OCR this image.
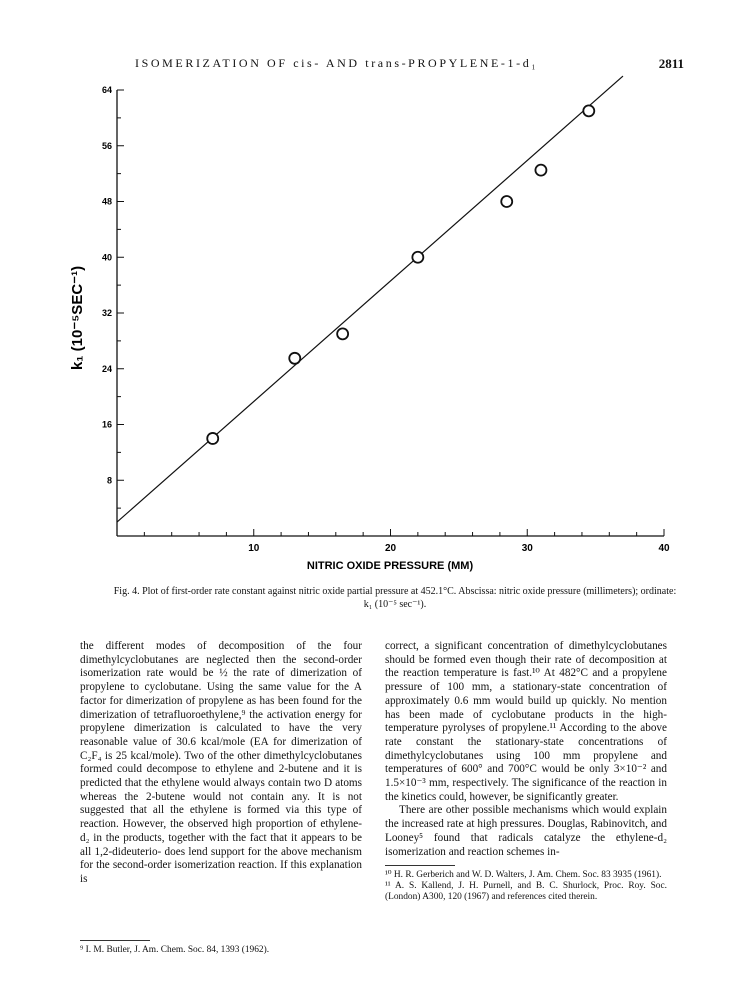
ISOMERIZATION OF cis- AND trans-PROPYLENE-1-d₁	2811
10	20	30	40
8
16
24
32
40
48
56
64
NITRIC OXIDE PRESSURE (MM)
k₁ (10⁻⁵SEC⁻¹)
Fig. 4. Plot of first-order rate constant against nitric oxide partial pressure at 452.1°C. Abscissa: nitric oxide pressure (millimeters); ordinate: k₁ (10⁻⁵ sec⁻¹).

the different modes of decomposition of the four dimethylcyclobutanes are neglected then the second-order isomerization rate would be ½ the rate of dimerization of propylene to cyclobutane. Using the same value for the A factor for dimerization of propylene as has been found for the dimerization of tetrafluoroethylene,⁹ the activation energy for propylene dimerization is calculated to have the very reasonable value of 30.6 kcal/mole (EA for dimerization of C₂F₄ is 25 kcal/mole). Two of the other dimethylcyclobutanes formed could decompose to ethylene and 2-butene and it is predicted that the ethylene would always contain two D atoms whereas the 2-butene would not contain any. It is not suggested that all the ethylene is formed via this type of reaction. However, the observed high proportion of ethylene-d₂ in the products, together with the fact that it appears to be all 1,2-dideuterio- does lend support for the above mechanism for the second-order isomerization reaction. If this explanation is

⁹ I. M. Butler, J. Am. Chem. Soc. 84, 1393 (1962).

correct, a significant concentration of dimethylcyclobutanes should be formed even though their rate of decomposition at the reaction temperature is fast.¹⁰ At 482°C and a propylene pressure of 100 mm, a stationary-state concentration of approximately 0.6 mm would build up quickly. No mention has been made of cyclobutane products in the high-temperature pyrolyses of propylene.¹¹ According to the above rate constant the stationary-state concentrations of dimethylcyclobutanes using 100 mm propylene and temperatures of 600° and 700°C would be only 3×10⁻² and 1.5×10⁻³ mm, respectively. The significance of the reaction in the kinetics could, however, be significantly greater.

There are other possible mechanisms which would explain the increased rate at high pressures. Douglas, Rabinovitch, and Looney⁵ found that radicals catalyze the ethylene-d₂ isomerization and reaction schemes in-

¹⁰ H. R. Gerberich and W. D. Walters, J. Am. Chem. Soc. 83 3935 (1961).
¹¹ A. S. Kallend, J. H. Purnell, and B. C. Shurlock, Proc. Roy. Soc. (London) A300, 120 (1967) and references cited therein.
